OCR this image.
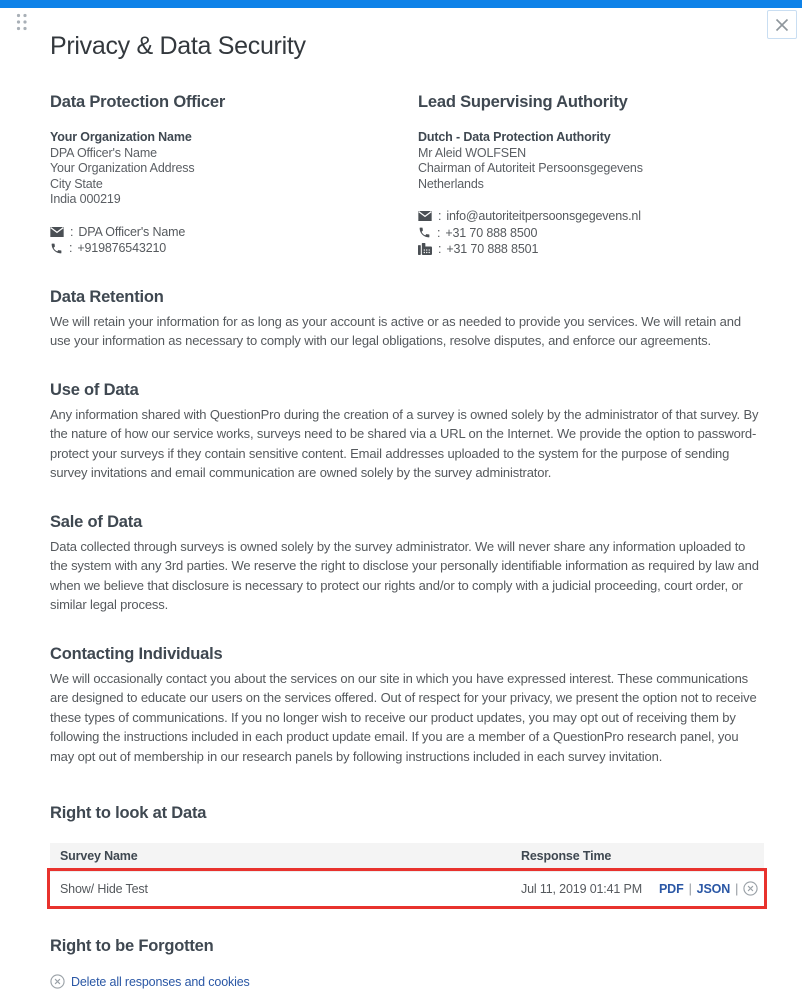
Privacy & Data Security
Data Protection Officer
Your Organization Name
DPA Officer's Name
Your Organization Address
City State
India 000219
: DPA Officer's Name
: +919876543210
Lead Supervising Authority
Dutch - Data Protection Authority
Mr Aleid WOLFSEN
Chairman of Autoriteit Persoonsgegevens
Netherlands
: info@autoriteitpersoonsgegevens.nl
: +31 70 888 8500
: +31 70 888 8501
Data Retention

We will retain your information for as long as your account is active or as needed to provide you services. We will retain and use your information as necessary to comply with our legal obligations, resolve disputes, and enforce our agreements.

Use of Data

Any information shared with QuestionPro during the creation of a survey is owned solely by the administrator of that survey. By the nature of how our service works, surveys need to be shared via a URL on the Internet. We provide the option to password-protect your surveys if they contain sensitive content. Email addresses uploaded to the system for the purpose of sending survey invitations and email communication are owned solely by the survey administrator.

Sale of Data

Data collected through surveys is owned solely by the survey administrator. We will never share any information uploaded to the system with any 3rd parties. We reserve the right to disclose your personally identifiable information as required by law and when we believe that disclosure is necessary to protect our rights and/or to comply with a judicial proceeding, court order, or similar legal process.

Contacting Individuals

We will occasionally contact you about the services on our site in which you have expressed interest. These communications are designed to educate our users on the services offered. Out of respect for your privacy, we present the option not to receive these types of communications. If you no longer wish to receive our product updates, you may opt out of receiving them by following the instructions included in each product update email. If you are a member of a QuestionPro research panel, you may opt out of membership in our research panels by following instructions included in each survey invitation.

Right to look at Data
Survey Name	Response Time
Show/ Hide Test	Jul 11, 2019 01:41 PM	PDF | JSON |
Right to be Forgotten
Delete all responses and cookies
